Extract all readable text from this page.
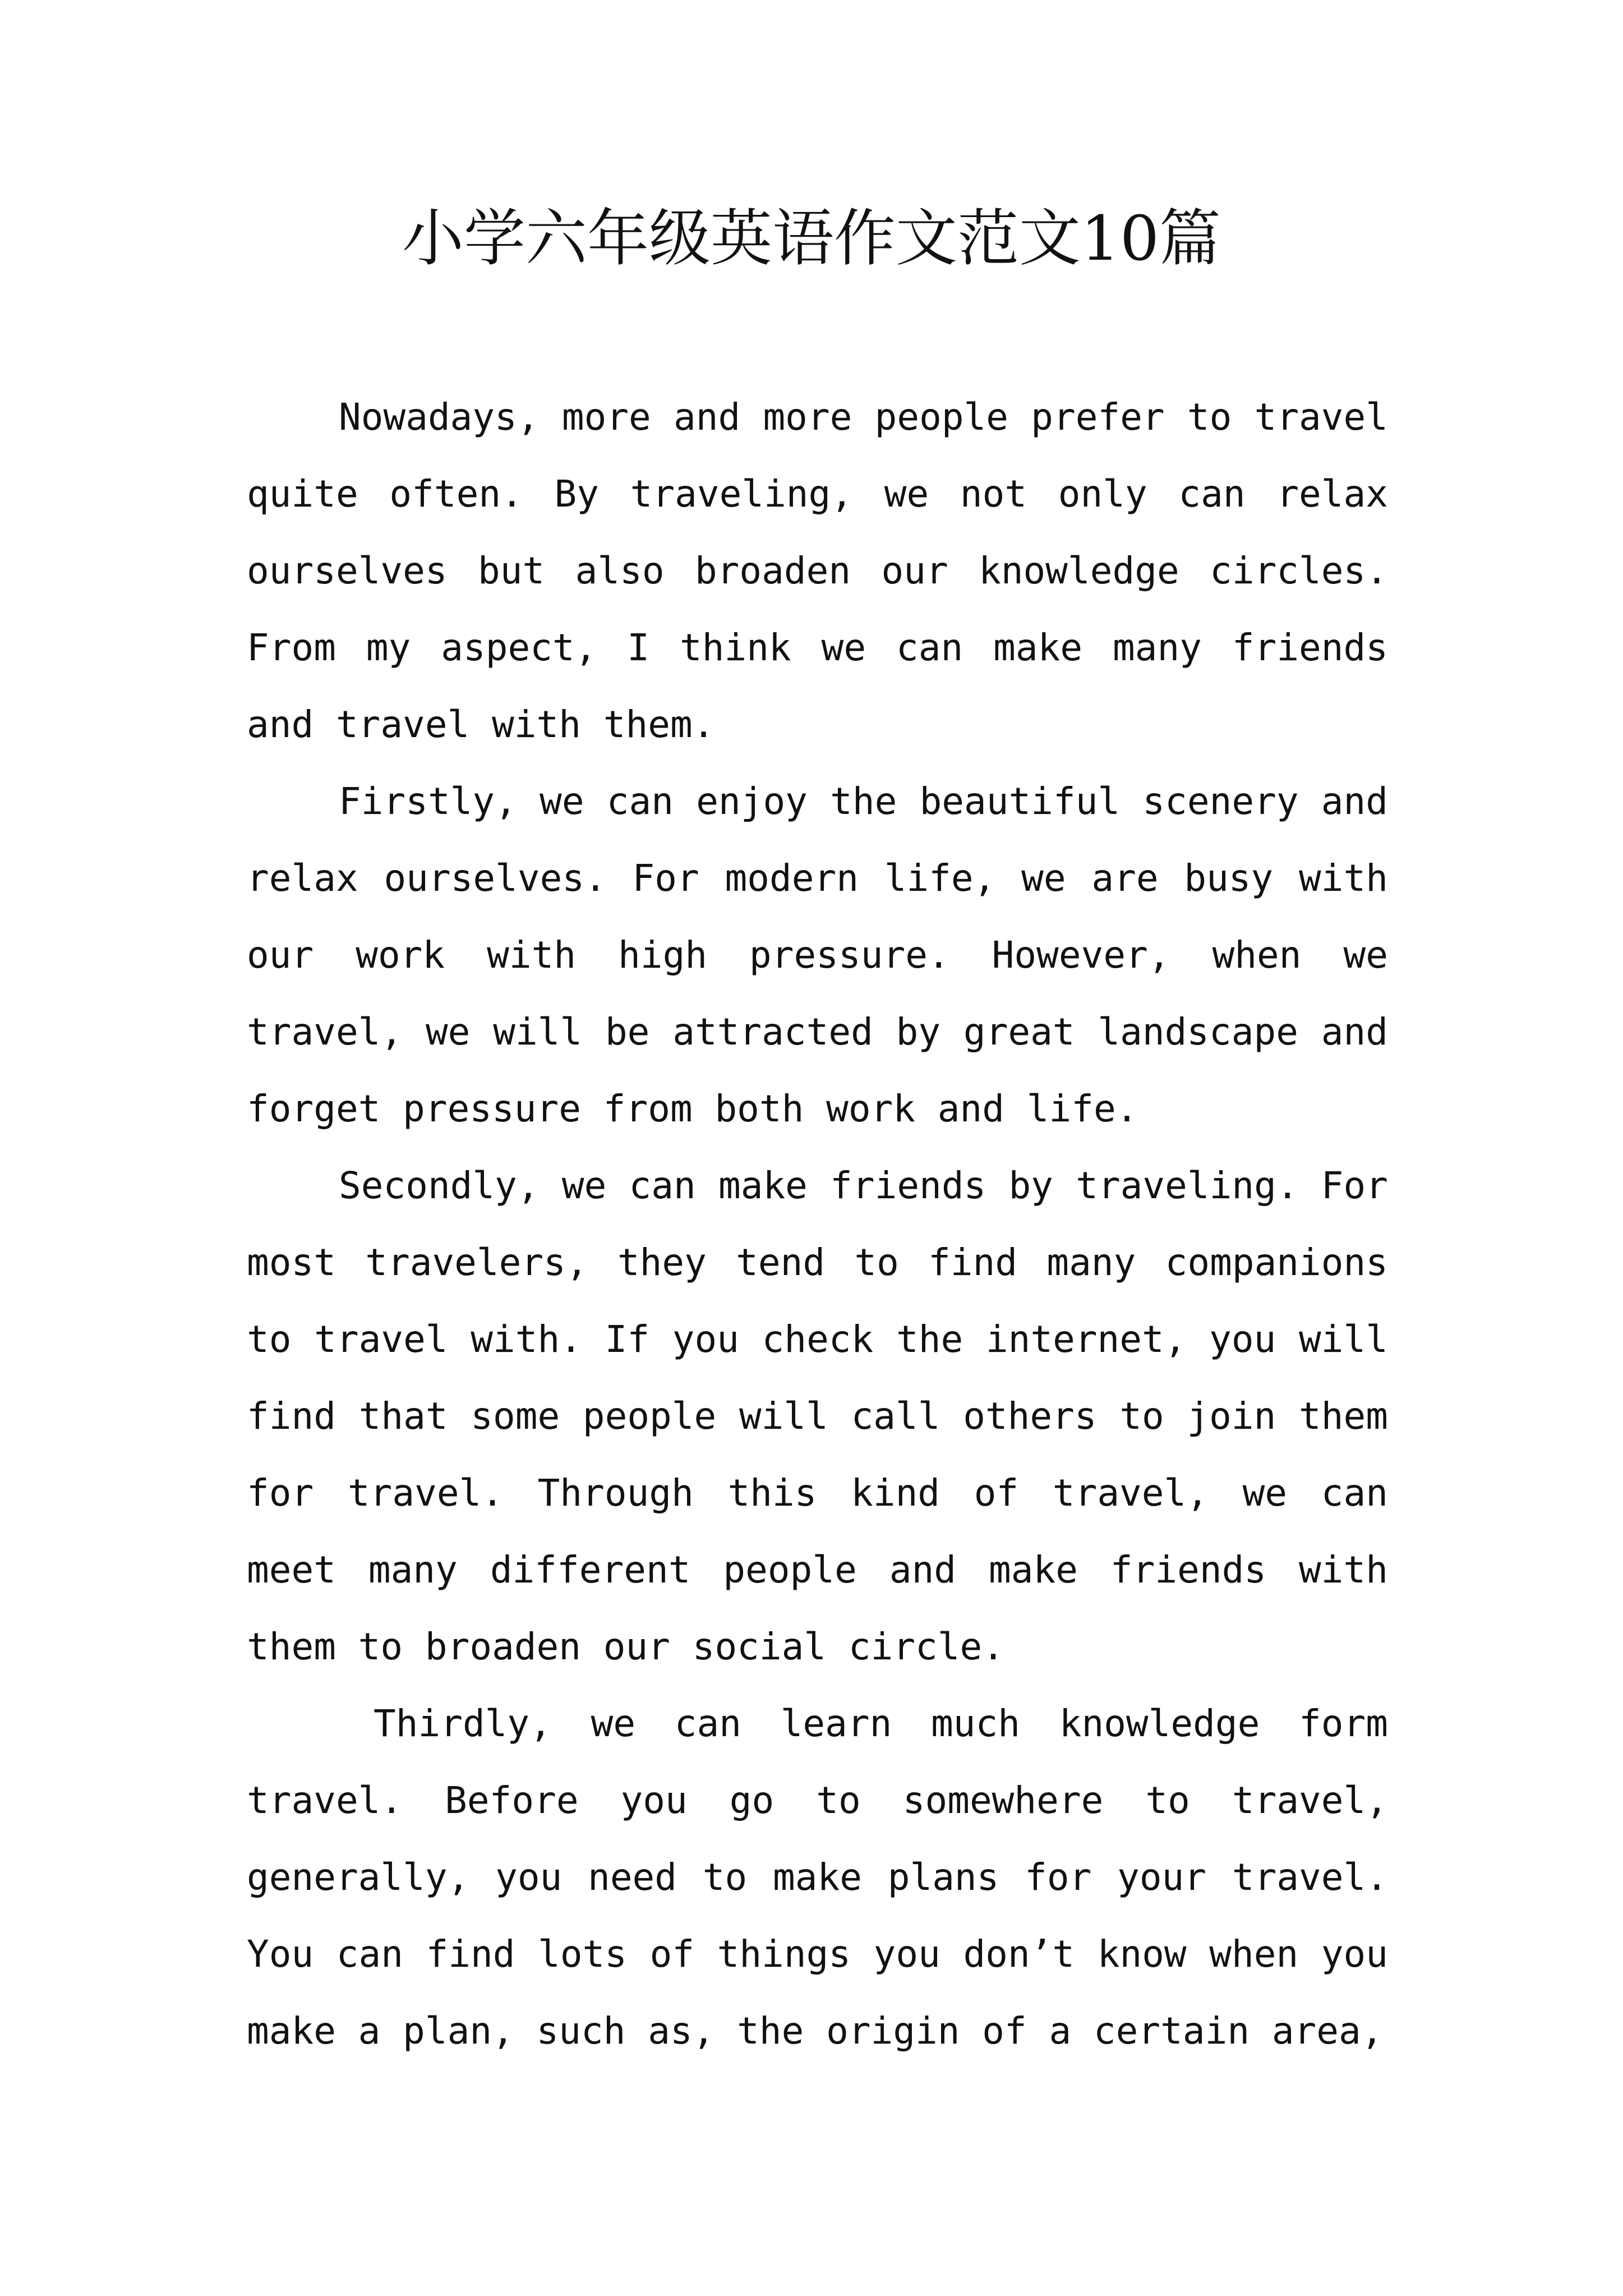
小学六年级英语作文范文10篇

Nowadays, more and more people prefer to travel quite often. By traveling, we not only can relax ourselves but also broaden our knowledge circles. From my aspect, I think we can make many friends and travel with them.

Firstly, we can enjoy the beautiful scenery and relax ourselves. For modern life, we are busy with our work with high pressure. However, when we travel, we will be attracted by great landscape and forget pressure from both work and life.

Secondly, we can make friends by traveling. For most travelers, they tend to find many companions to travel with. If you check the internet, you will find that some people will call others to join them for travel. Through this kind of travel, we can meet many different people and make friends with them to broaden our social circle.

Thirdly, we can learn much knowledge form travel. Before you go to somewhere to travel, generally, you need to make plans for your travel. You can find lots of things you don’t know when you make a plan, such as, the origin of a certain area,
